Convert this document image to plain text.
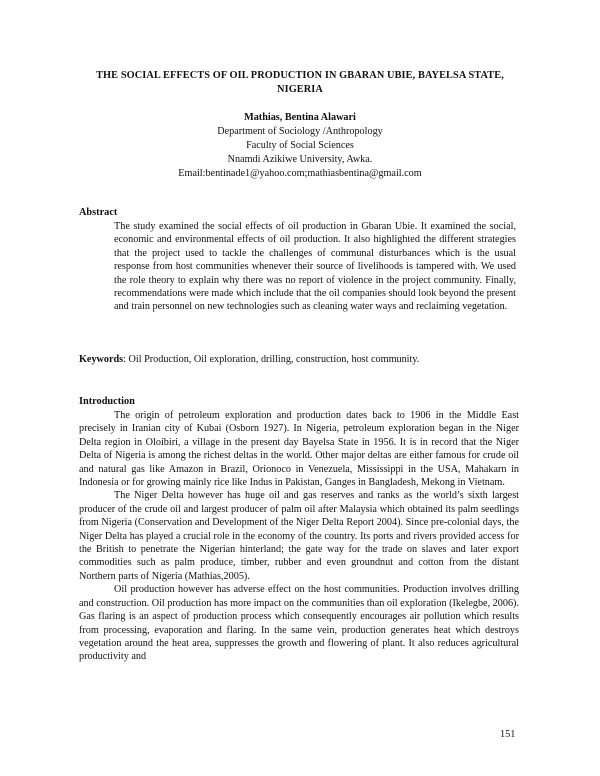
THE SOCIAL EFFECTS OF OIL PRODUCTION IN GBARAN UBIE, BAYELSA STATE, NIGERIA
Mathias, Bentina Alawari
Department of Sociology /Anthropology
Faculty of Social Sciences
Nnamdi Azikiwe University, Awka.
Email:bentinade1@yahoo.com;mathiasbentina@gmail.com
Abstract
The study examined the social effects of oil production in Gbaran Ubie. It examined the social, economic and environmental effects of oil production. It also highlighted the different strategies that the project used to tackle the challenges of communal disturbances which is the usual response from host communities whenever their source of livelihoods is tampered with. We used the role theory to explain why there was no report of violence in the project community. Finally, recommendations were made which include that the oil companies should look beyond the present and train personnel on new technologies such as cleaning water ways and reclaiming vegetation.
Keywords: Oil Production, Oil exploration, drilling, construction, host community.
Introduction

The origin of petroleum exploration and production dates back to 1906 in the Middle East precisely in Iranian city of Kubai (Osborn 1927). In Nigeria, petroleum exploration began in the Niger Delta region in Oloibiri, a village in the present day Bayelsa State in 1956. It is in record that the Niger Delta of Nigeria is among the richest deltas in the world. Other major deltas are either famous for crude oil and natural gas like Amazon in Brazil, Orionoco in Venezuela, Mississippi in the USA, Mahakarn in Indonesia or for growing mainly rice like Indus in Pakistan, Ganges in Bangladesh, Mekong in Vietnam.

The Niger Delta however has huge oil and gas reserves and ranks as the world’s sixth largest producer of the crude oil and largest producer of palm oil after Malaysia which obtained its palm seedlings from Nigeria (Conservation and Development of the Niger Delta Report 2004). Since pre-colonial days, the Niger Delta has played a crucial role in the economy of the country. Its ports and rivers provided access for the British to penetrate the Nigerian hinterland; the gate way for the trade on slaves and later export commodities such as palm produce, timber, rubber and even groundnut and cotton from the distant Northern parts of Nigeria (Mathias,2005).

Oil production however has adverse effect on the host communities. Production involves drilling and construction. Oil production has more impact on the communities than oil exploration (Ikelegbe, 2006). Gas flaring is an aspect of production process which consequently encourages air pollution which results from processing, evaporation and flaring. In the same vein, production generates heat which destroys vegetation around the heat area, suppresses the growth and flowering of plant. It also reduces agricultural productivity and

151
